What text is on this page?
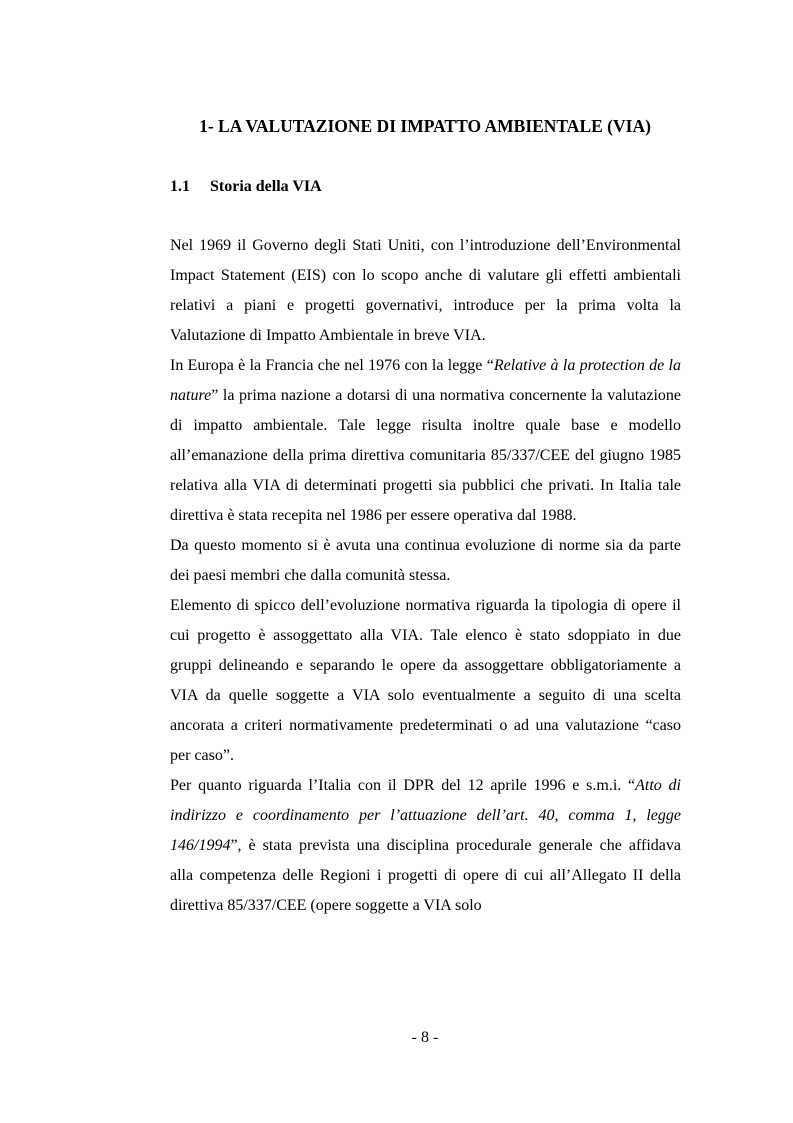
1- LA VALUTAZIONE DI IMPATTO AMBIENTALE (VIA)
1.1 Storia della VIA

Nel 1969 il Governo degli Stati Uniti, con l’introduzione dell’Environmental Impact Statement (EIS) con lo scopo anche di valutare gli effetti ambientali relativi a piani e progetti governativi, introduce per la prima volta la Valutazione di Impatto Ambientale in breve VIA.

In Europa è la Francia che nel 1976 con la legge “Relative à la protection de la nature” la prima nazione a dotarsi di una normativa concernente la valutazione di impatto ambientale. Tale legge risulta inoltre quale base e modello all’emanazione della prima direttiva comunitaria 85/337/CEE del giugno 1985 relativa alla VIA di determinati progetti sia pubblici che privati. In Italia tale direttiva è stata recepita nel 1986 per essere operativa dal 1988.

Da questo momento si è avuta una continua evoluzione di norme sia da parte dei paesi membri che dalla comunità stessa.

Elemento di spicco dell’evoluzione normativa riguarda la tipologia di opere il cui progetto è assoggettato alla VIA. Tale elenco è stato sdoppiato in due gruppi delineando e separando le opere da assoggettare obbligatoriamente a VIA da quelle soggette a VIA solo eventualmente a seguito di una scelta ancorata a criteri normativamente predeterminati o ad una valutazione “caso per caso”.

Per quanto riguarda l’Italia con il DPR del 12 aprile 1996 e s.m.i. “Atto di indirizzo e coordinamento per l’attuazione dell’art. 40, comma 1, legge 146/1994”, è stata prevista una disciplina procedurale generale che affidava alla competenza delle Regioni i progetti di opere di cui all’Allegato II della direttiva 85/337/CEE (opere soggette a VIA solo

- 8 -
